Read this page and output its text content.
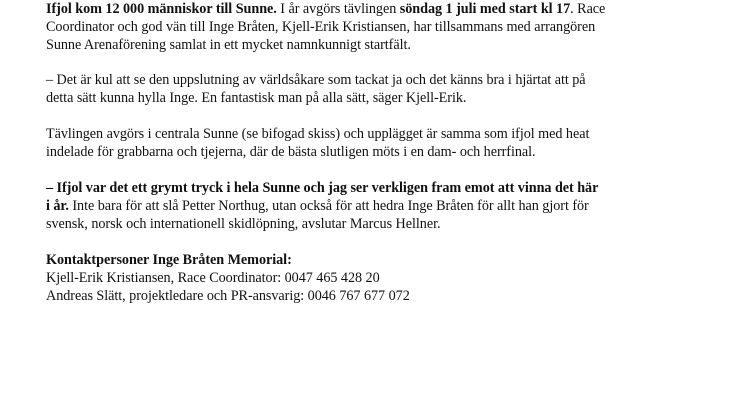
Ifjol kom 12 000 människor till Sunne. I år avgörs tävlingen söndag 1 juli med start kl 17. Race
Coordinator och god vän till Inge Bråten, Kjell-Erik Kristiansen, har tillsammans med arrangören
Sunne Arenaförening samlat in ett mycket namnkunnigt startfält.

– Det är kul att se den uppslutning av världsåkare som tackat ja och det känns bra i hjärtat att på
detta sätt kunna hylla Inge. En fantastisk man på alla sätt, säger Kjell-Erik.

Tävlingen avgörs i centrala Sunne (se bifogad skiss) och upplägget är samma som ifjol med heat
indelade för grabbarna och tjejerna, där de bästa slutligen möts i en dam- och herrfinal.

– Ifjol var det ett grymt tryck i hela Sunne och jag ser verkligen fram emot att vinna det här
i år. Inte bara för att slå Petter Northug, utan också för att hedra Inge Bråten för allt han gjort för
svensk, norsk och internationell skidlöpning, avslutar Marcus Hellner.

Kontaktpersoner Inge Bråten Memorial:
Kjell-Erik Kristiansen, Race Coordinator: 0047 465 428 20
Andreas Slätt, projektledare och PR-ansvarig: 0046 767 677 072
